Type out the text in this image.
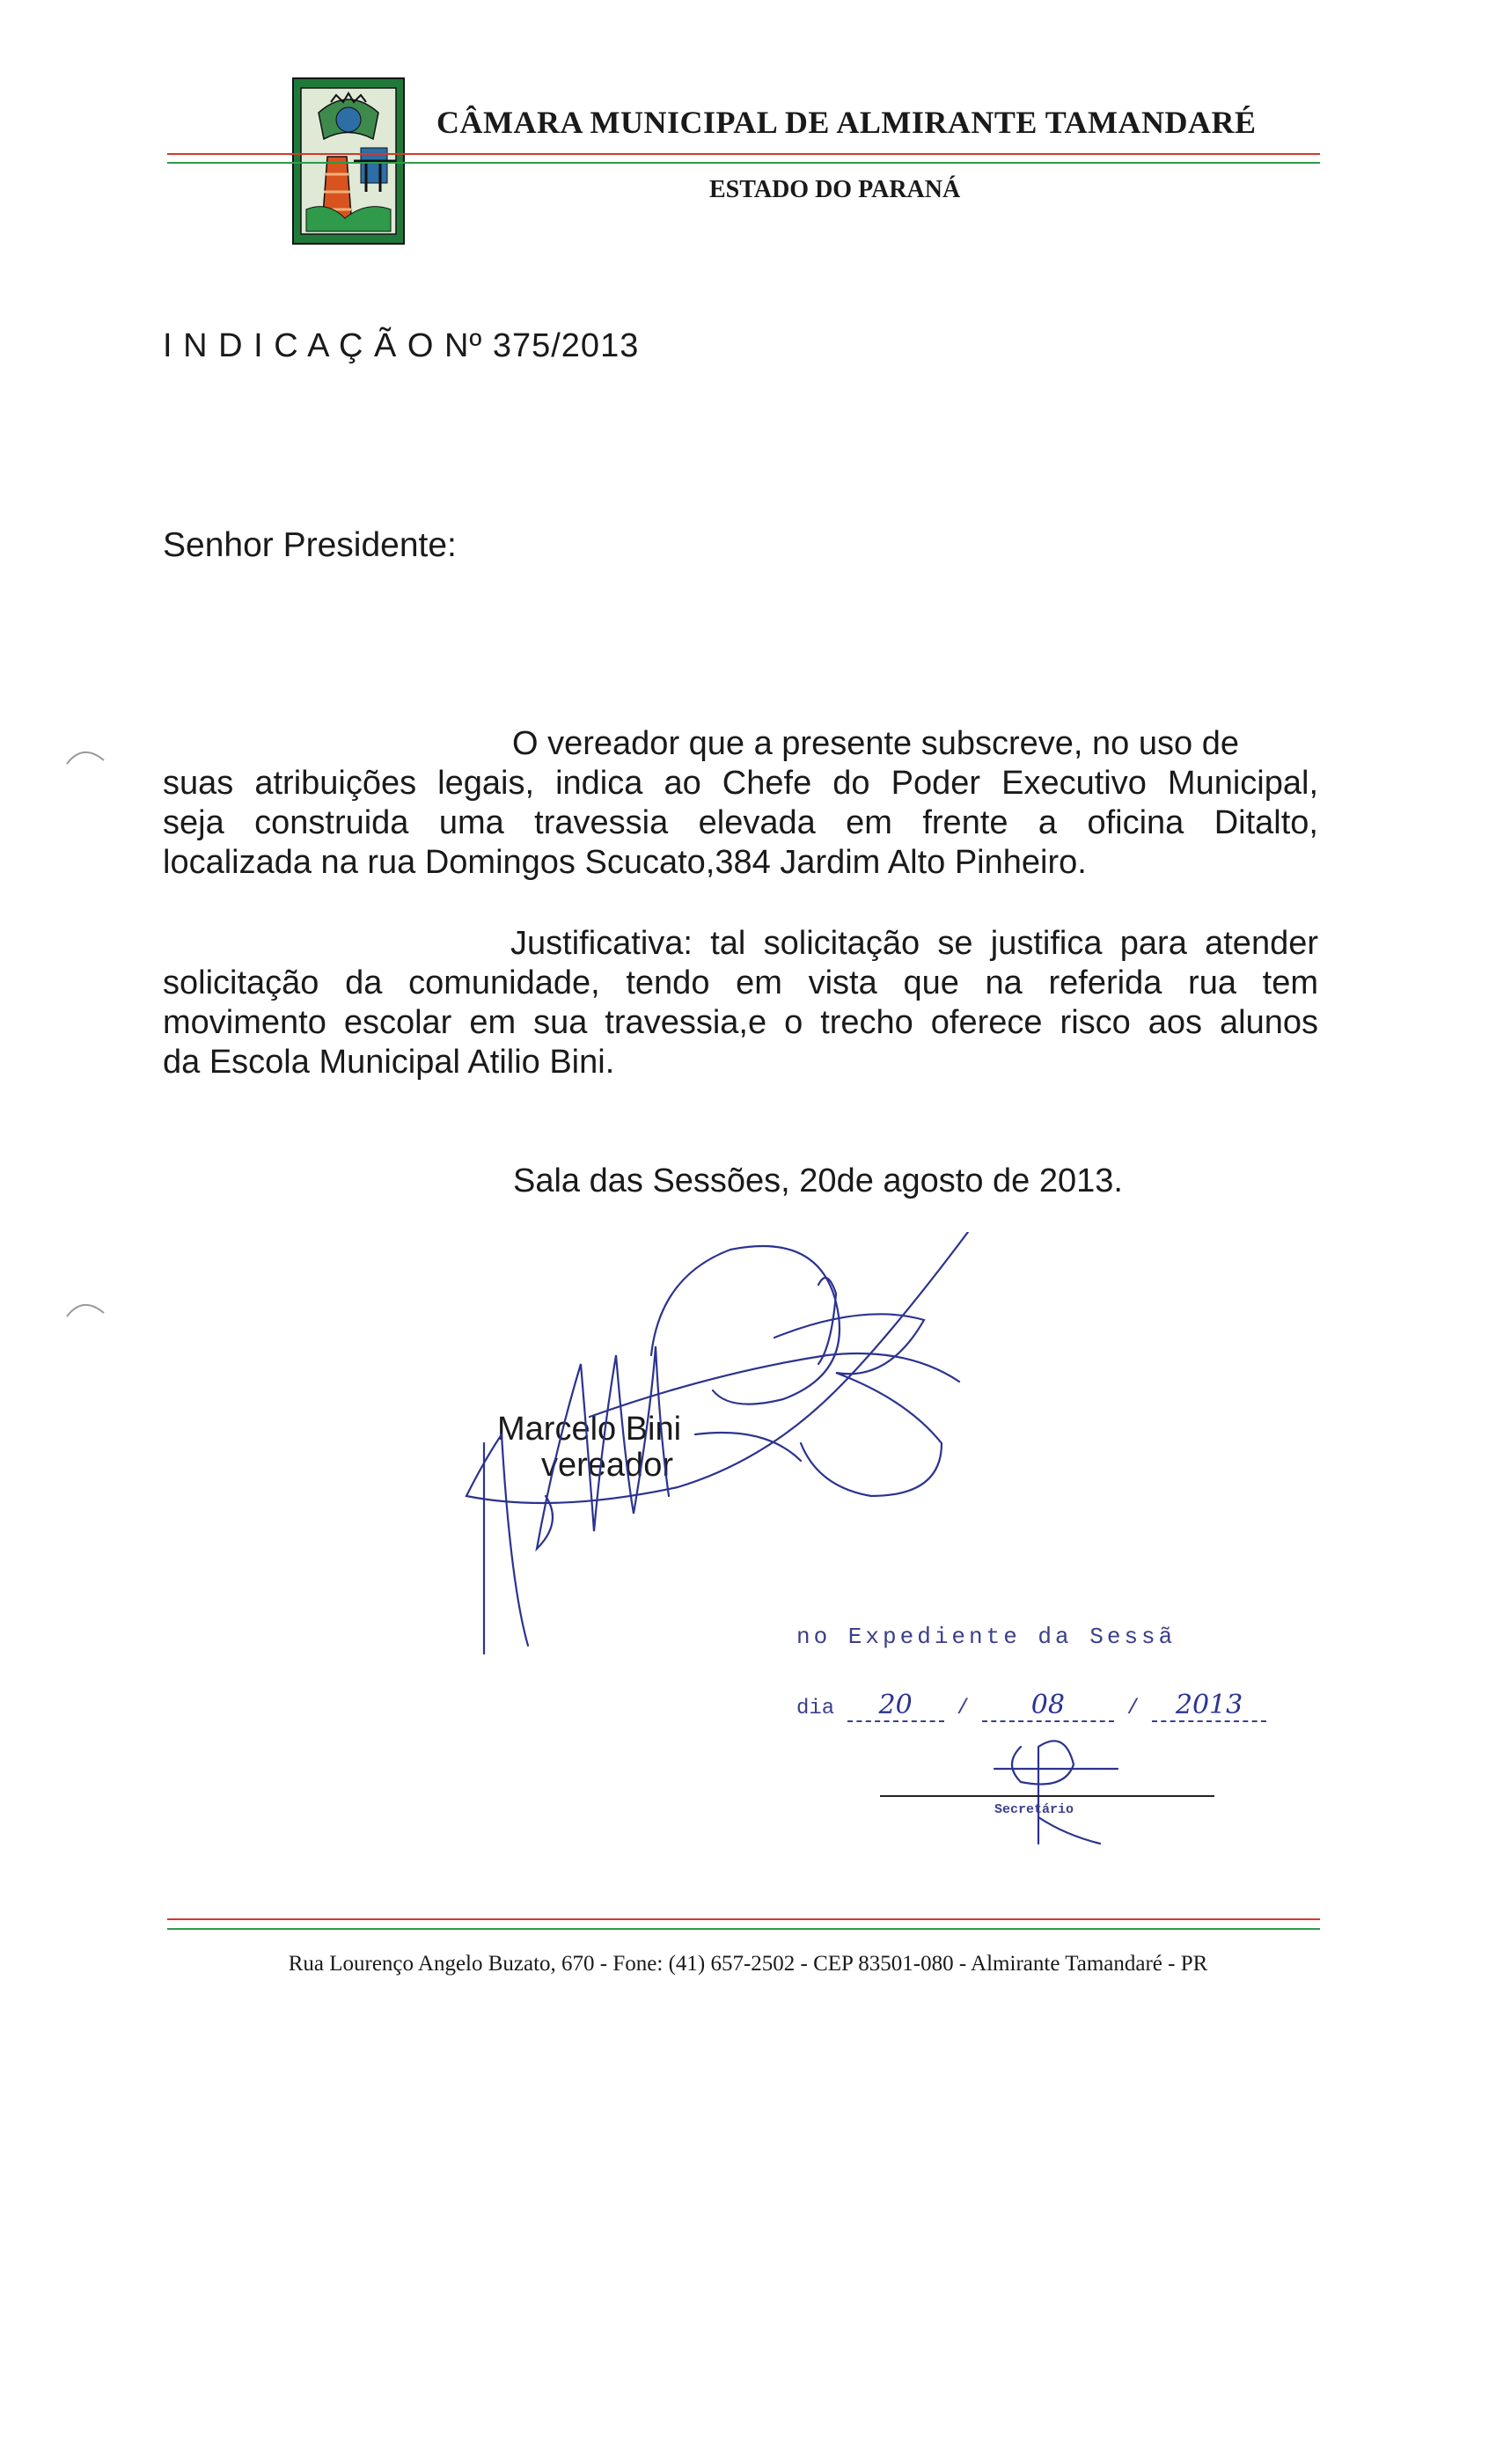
CÂMARA MUNICIPAL DE ALMIRANTE TAMANDARÉ
ESTADO DO PARANÁ
I N D I C A Ç Ã O Nº 375/2013
Senhor Presidente:
O vereador que a presente subscreve, no uso de
suas atribuições legais, indica ao Chefe do Poder Executivo Municipal,
seja construida uma travessia elevada em frente a oficina Ditalto,
localizada na rua Domingos Scucato,384 Jardim Alto Pinheiro.
Justificativa: tal solicitação se justifica para atender
solicitação da comunidade, tendo em vista que na referida rua tem
movimento escolar em sua travessia,e o trecho oferece risco aos alunos
da Escola Municipal Atilio Bini.
Sala das Sessões, 20de agosto de 2013.
Marcelo Bini
vereador
no Expediente da Sessã
dia 20 / 08 / 2013
Secretário
Rua Lourenço Angelo Buzato, 670 - Fone: (41) 657-2502 - CEP 83501-080 - Almirante Tamandaré - PR
